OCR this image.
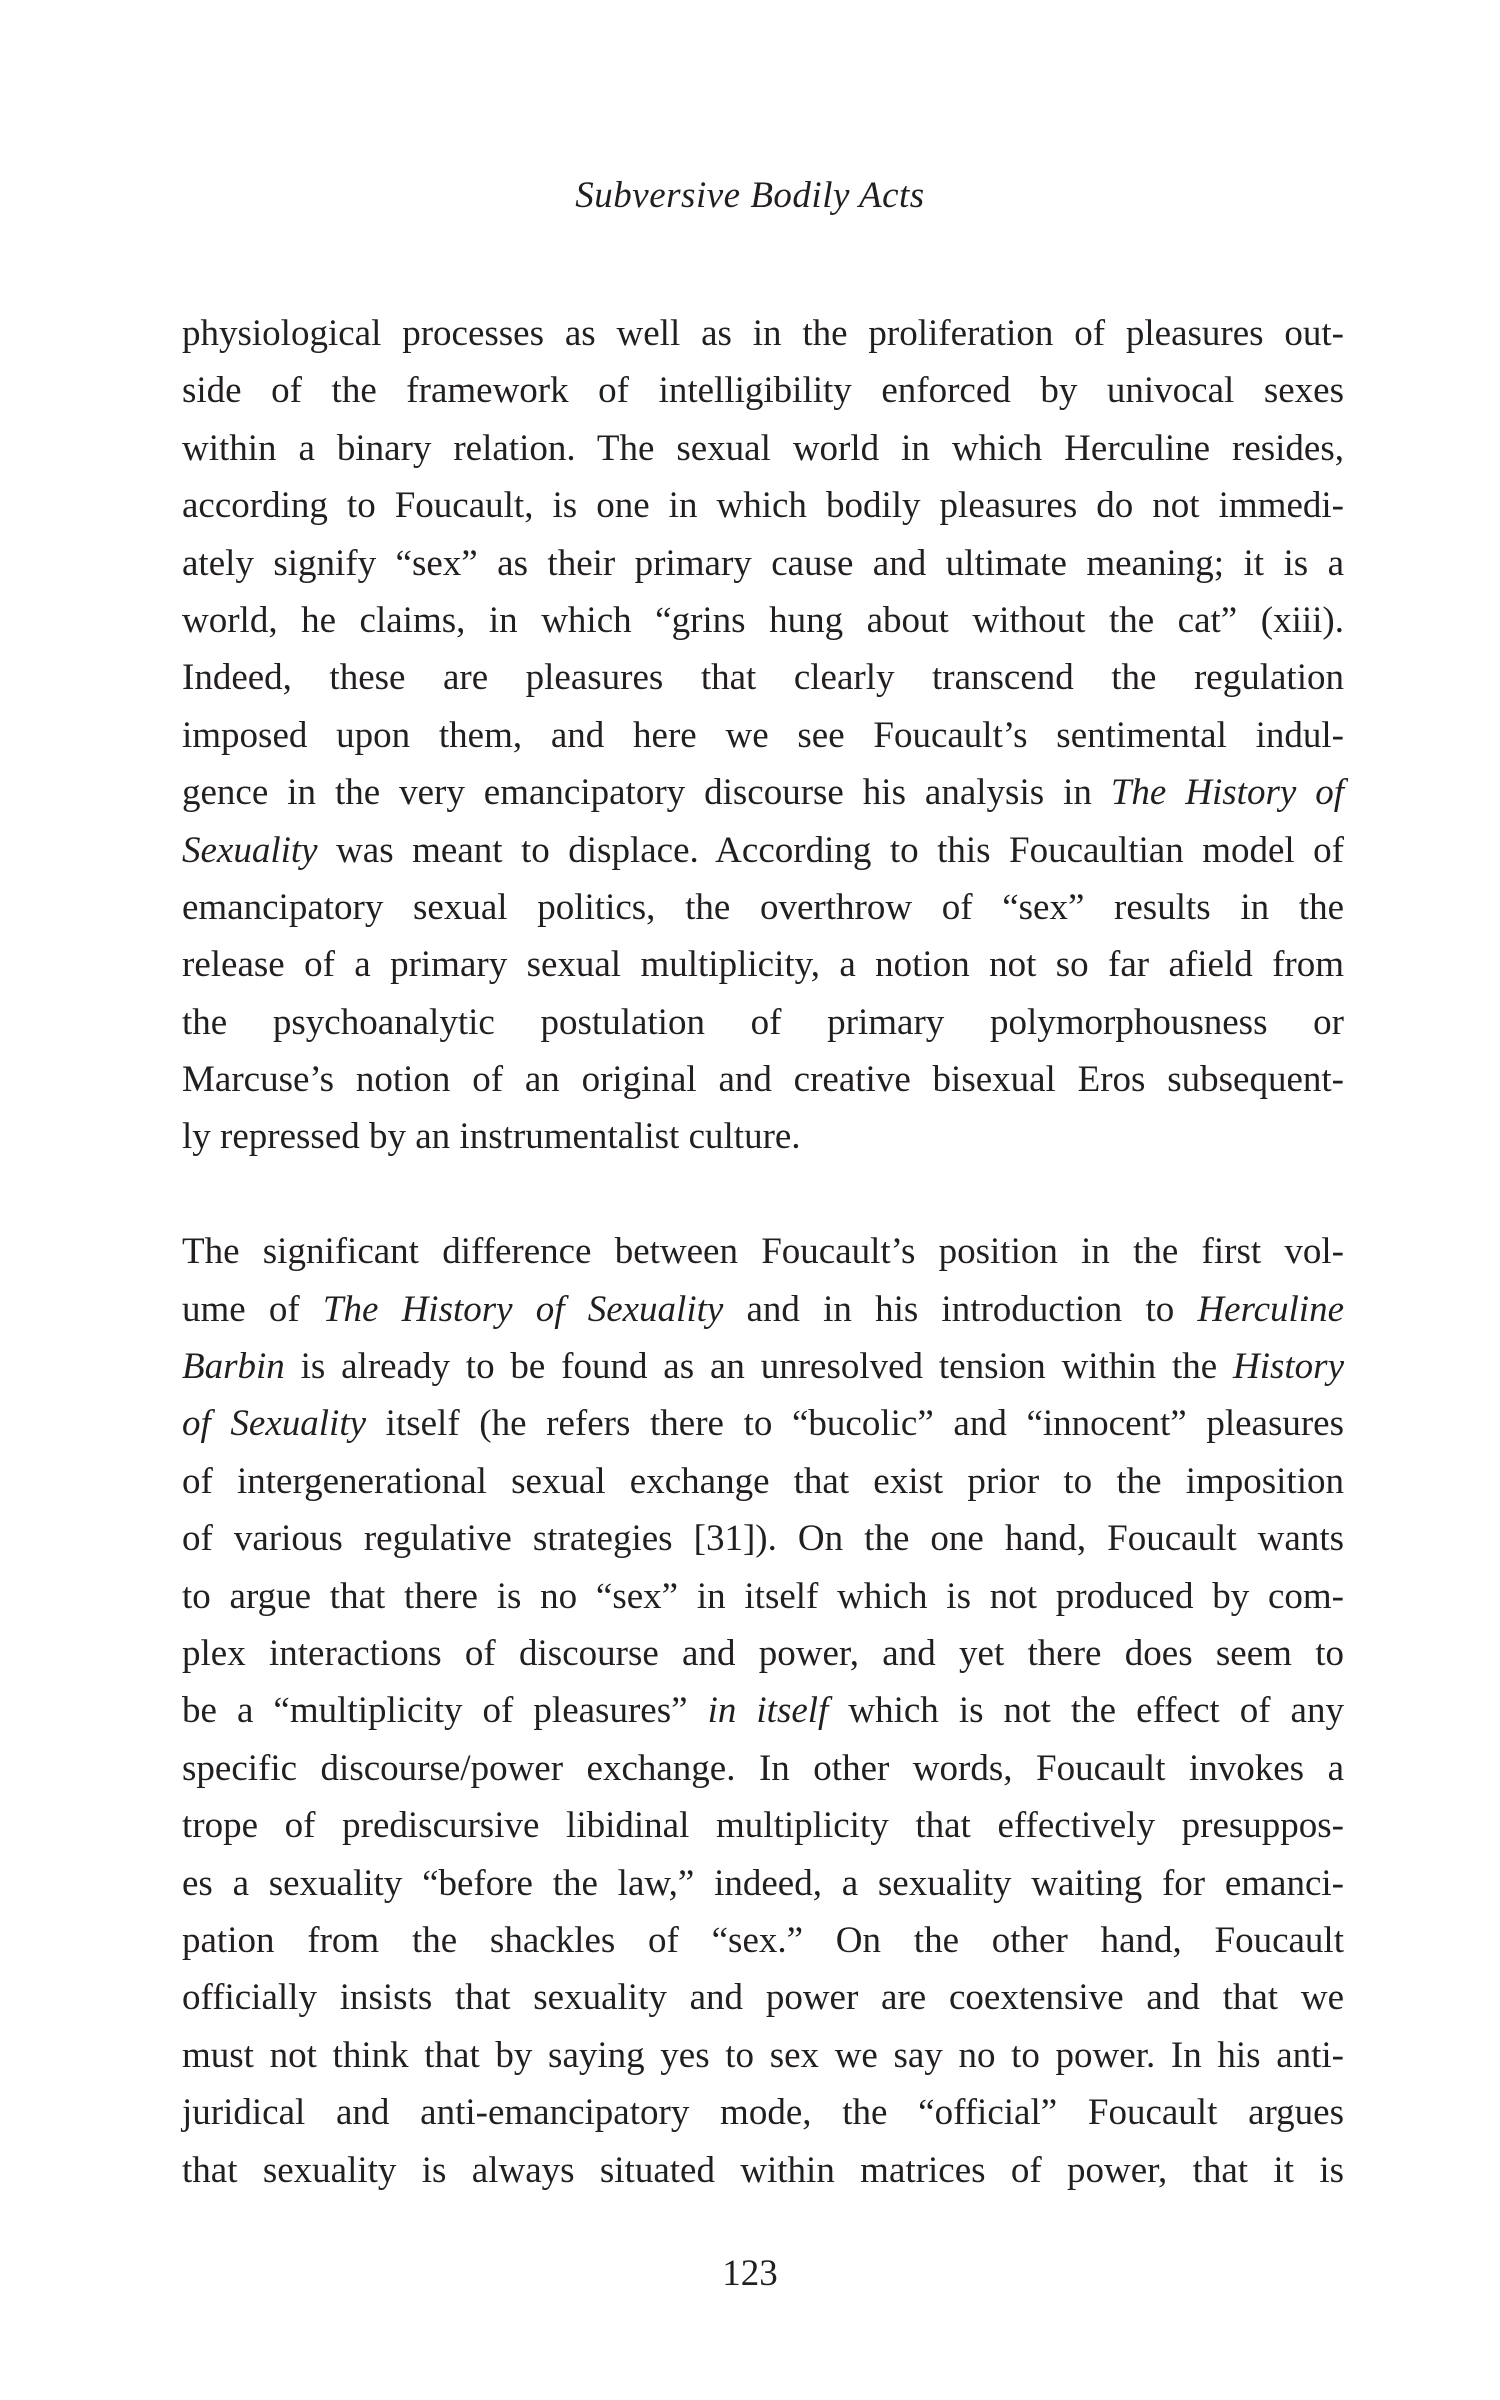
Subversive Bodily Acts
physiological processes as well as in the proliferation of pleasures out-
side of the framework of intelligibility enforced by univocal sexes
within a binary relation. The sexual world in which Herculine resides,
according to Foucault, is one in which bodily pleasures do not immedi-
ately signify “sex” as their primary cause and ultimate meaning; it is a
world, he claims, in which “grins hung about without the cat” (xiii).
Indeed, these are pleasures that clearly transcend the regulation
imposed upon them, and here we see Foucault’s sentimental indul-
gence in the very emancipatory discourse his analysis in The History of
Sexuality was meant to displace. According to this Foucaultian model of
emancipatory sexual politics, the overthrow of “sex” results in the
release of a primary sexual multiplicity, a notion not so far afield from
the psychoanalytic postulation of primary polymorphousness or
Marcuse’s notion of an original and creative bisexual Eros subsequent-
ly repressed by an instrumentalist culture.
The significant difference between Foucault’s position in the first vol-
ume of The History of Sexuality and in his introduction to Herculine
Barbin is already to be found as an unresolved tension within the History
of Sexuality itself (he refers there to “bucolic” and “innocent” pleasures
of intergenerational sexual exchange that exist prior to the imposition
of various regulative strategies [31]). On the one hand, Foucault wants
to argue that there is no “sex” in itself which is not produced by com-
plex interactions of discourse and power, and yet there does seem to
be a “multiplicity of pleasures” in itself which is not the effect of any
specific discourse/power exchange. In other words, Foucault invokes a
trope of prediscursive libidinal multiplicity that effectively presuppos-
es a sexuality “before the law,” indeed, a sexuality waiting for emanci-
pation from the shackles of “sex.” On the other hand, Foucault
officially insists that sexuality and power are coextensive and that we
must not think that by saying yes to sex we say no to power. In his anti-
juridical and anti-emancipatory mode, the “official” Foucault argues
that sexuality is always situated within matrices of power, that it is
123
